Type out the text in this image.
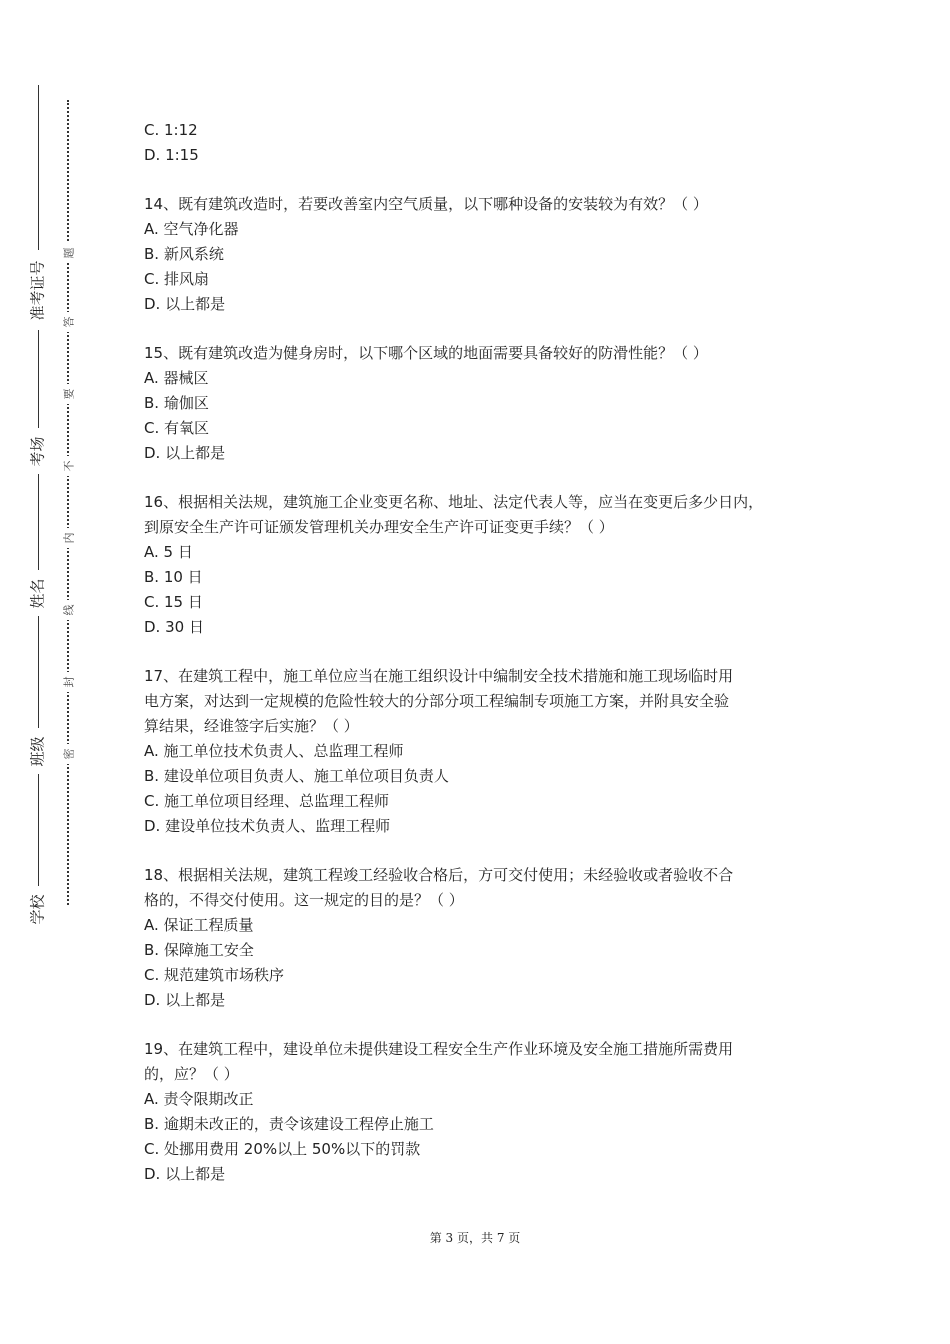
准考证号
考场
姓名
班级
学校
题
答
要
不
内
线
封
密
C. 1:12
D. 1:15
14、既有建筑改造时，若要改善室内空气质量，以下哪种设备的安装较为有效？（ ）
A. 空气净化器
B. 新风系统
C. 排风扇
D. 以上都是
15、既有建筑改造为健身房时，以下哪个区域的地面需要具备较好的防滑性能？（ ）
A. 器械区
B. 瑜伽区
C. 有氧区
D. 以上都是
16、根据相关法规，建筑施工企业变更名称、地址、法定代表人等，应当在变更后多少日内，
到原安全生产许可证颁发管理机关办理安全生产许可证变更手续？（ ）
A. 5 日
B. 10 日
C. 15 日
D. 30 日
17、在建筑工程中，施工单位应当在施工组织设计中编制安全技术措施和施工现场临时用
电方案，对达到一定规模的危险性较大的分部分项工程编制专项施工方案，并附具安全验
算结果，经谁签字后实施？（ ）
A. 施工单位技术负责人、总监理工程师
B. 建设单位项目负责人、施工单位项目负责人
C. 施工单位项目经理、总监理工程师
D. 建设单位技术负责人、监理工程师
18、根据相关法规，建筑工程竣工经验收合格后，方可交付使用；未经验收或者验收不合
格的，不得交付使用。这一规定的目的是？（ ）
A. 保证工程质量
B. 保障施工安全
C. 规范建筑市场秩序
D. 以上都是
19、在建筑工程中，建设单位未提供建设工程安全生产作业环境及安全施工措施所需费用
的，应？（ ）
A. 责令限期改正
B. 逾期未改正的，责令该建设工程停止施工
C. 处挪用费用 20%以上 50%以下的罚款
D. 以上都是
第 3 页，共 7 页
